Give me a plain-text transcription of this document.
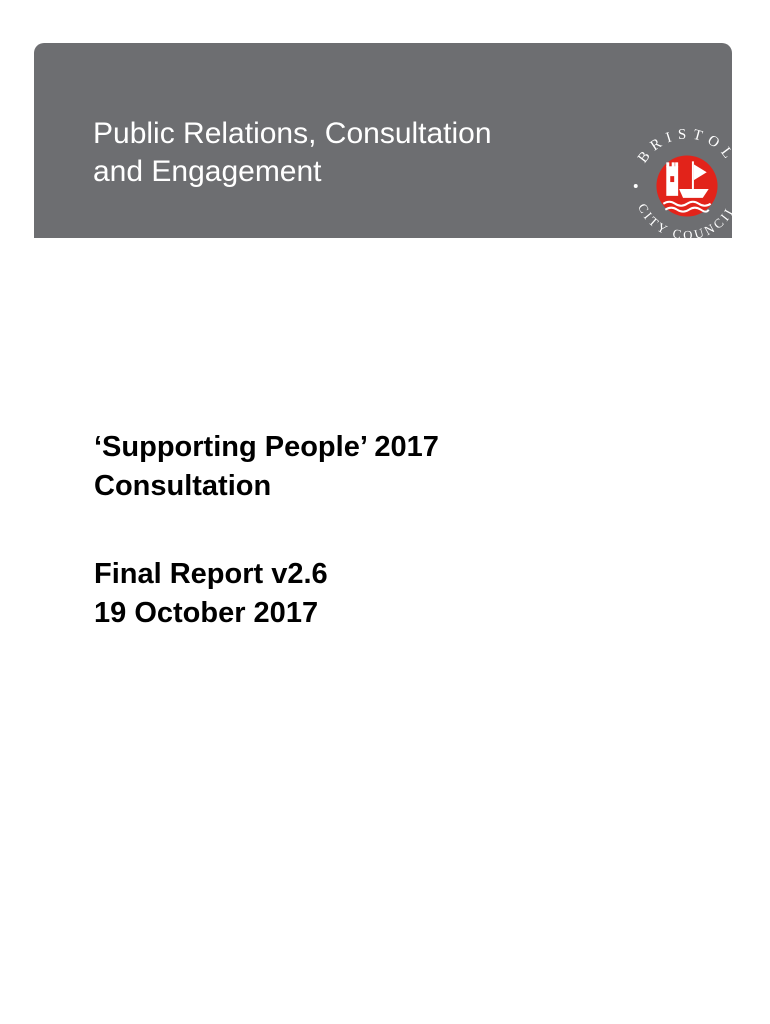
Public Relations, Consultation
and Engagement
BRISTOL
CITY COUNCIL
‘Supporting People’ 2017
Consultation
Final Report v2.6
19 October 2017
